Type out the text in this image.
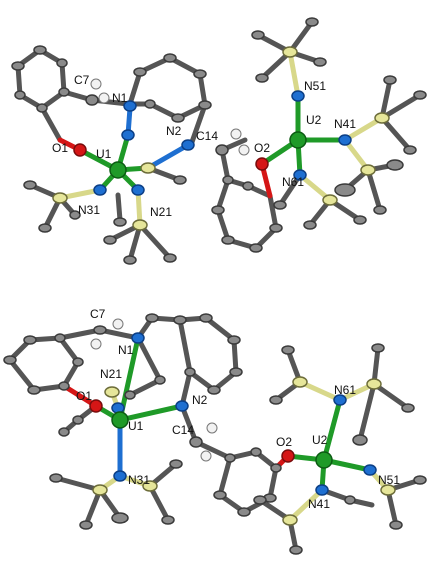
C7
N1
O1 U1
N2 C14
O2
U2
N31	N21
N51
N41
N61
C7
N1
O1
N21
U1
N2
C14
O2 U2
N61
N31	N51
N41
